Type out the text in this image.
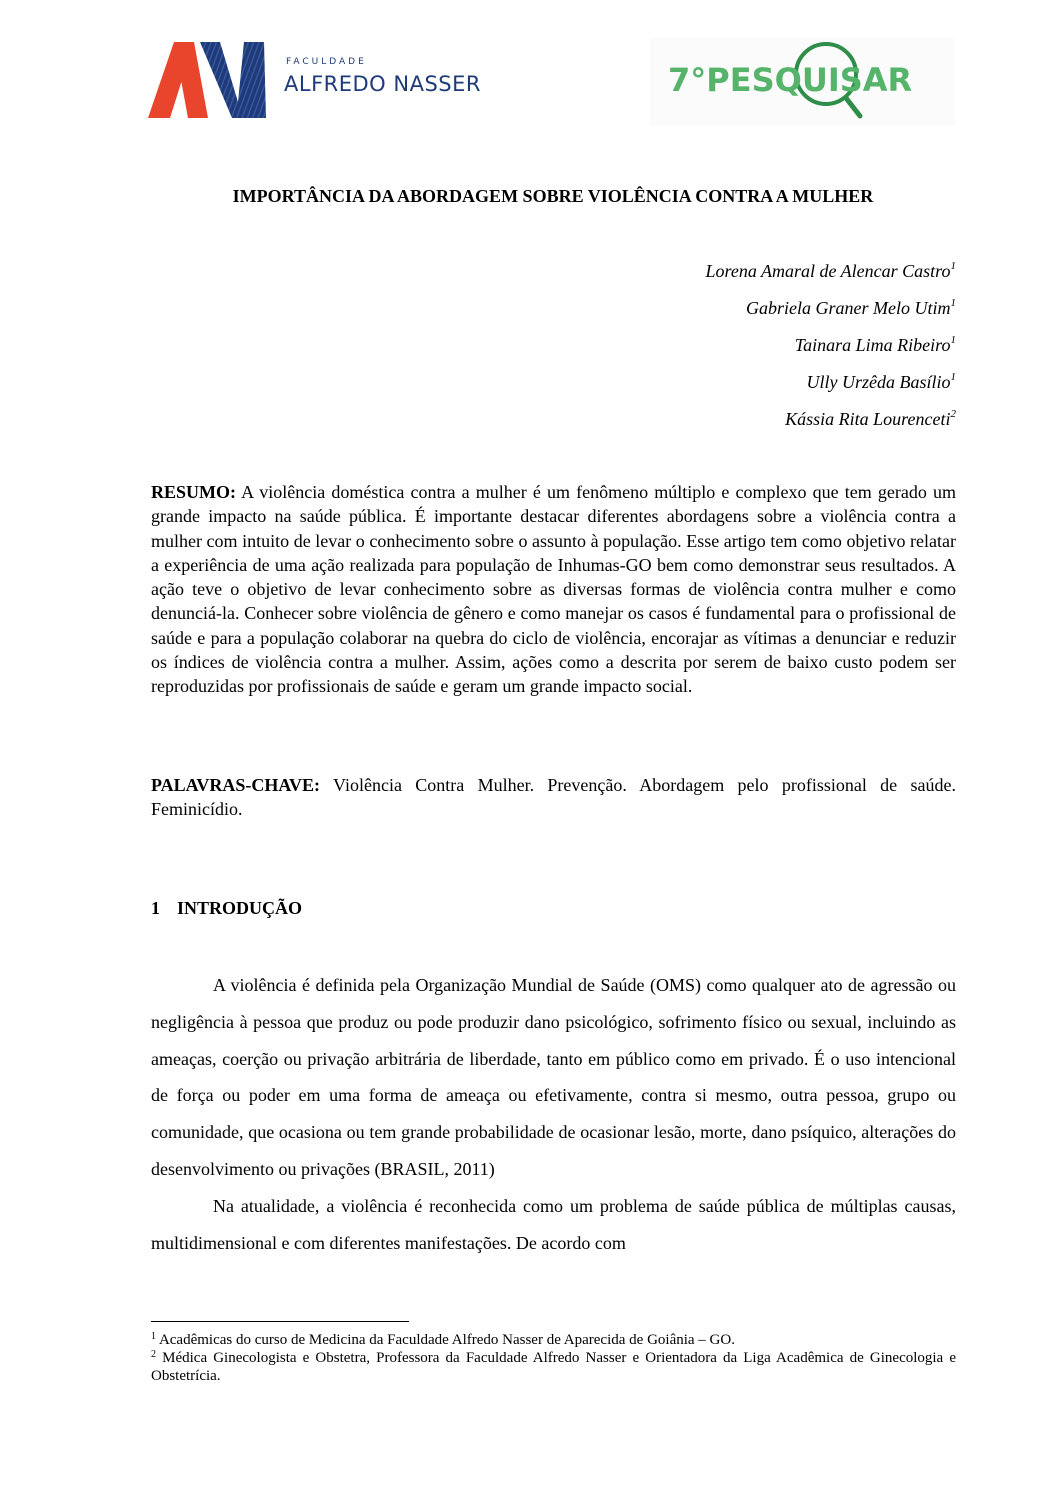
FACULDADE
ALFREDO NASSER	7°PESQUISAR
IMPORTÂNCIA DA ABORDAGEM SOBRE VIOLÊNCIA CONTRA A MULHER
Lorena Amaral de Alencar Castro$^1$
Gabriela Graner Melo Utim$^1$
Tainara Lima Ribeiro$^1$
Ully Urzêda Basílio$^1$
Kássia Rita Lourenceti$^2$
RESUMO: A violência doméstica contra a mulher é um fenômeno múltiplo e complexo que tem gerado um grande impacto na saúde pública. É importante destacar diferentes abordagens sobre a violência contra a mulher com intuito de levar o conhecimento sobre o assunto à população. Esse artigo tem como objetivo relatar a experiência de uma ação realizada para população de Inhumas-GO bem como demonstrar seus resultados. A ação teve o objetivo de levar conhecimento sobre as diversas formas de violência contra mulher e como denunciá-la. Conhecer sobre violência de gênero e como manejar os casos é fundamental para o profissional de saúde e para a população colaborar na quebra do ciclo de violência, encorajar as vítimas a denunciar e reduzir os índices de violência contra a mulher. Assim, ações como a descrita por serem de baixo custo podem ser reproduzidas por profissionais de saúde e geram um grande impacto social.
PALAVRAS-CHAVE: Violência Contra Mulher. Prevenção. Abordagem pelo profissional de saúde. Feminicídio.
1 INTRODUÇÃO

A violência é definida pela Organização Mundial de Saúde (OMS) como qualquer ato de agressão ou negligência à pessoa que produz ou pode produzir dano psicológico, sofrimento físico ou sexual, incluindo as ameaças, coerção ou privação arbitrária de liberdade, tanto em público como em privado. É o uso intencional de força ou poder em uma forma de ameaça ou efetivamente, contra si mesmo, outra pessoa, grupo ou comunidade, que ocasiona ou tem grande probabilidade de ocasionar lesão, morte, dano psíquico, alterações do desenvolvimento ou privações (BRASIL, 2011)

Na atualidade, a violência é reconhecida como um problema de saúde pública de múltiplas causas, multidimensional e com diferentes manifestações. De acordo com

$^1$ Acadêmicas do curso de Medicina da Faculdade Alfredo Nasser de Aparecida de Goiânia – GO.

$^2$ Médica Ginecologista e Obstetra, Professora da Faculdade Alfredo Nasser e Orientadora da Liga Acadêmica de Ginecologia e Obstetrícia.
